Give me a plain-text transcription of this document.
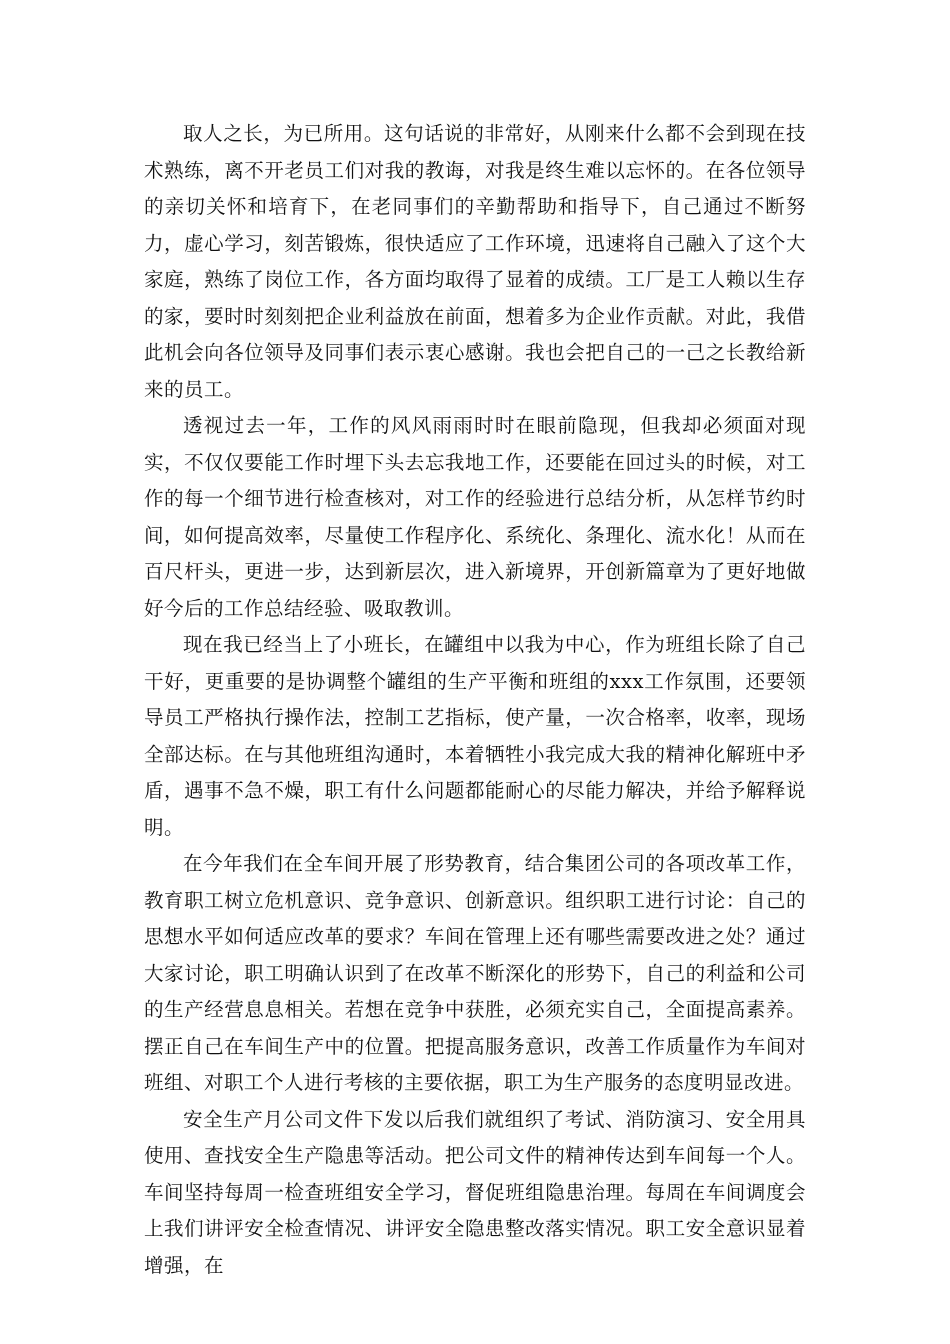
取人之长，为已所用。这句话说的非常好，从刚来什么都不会到现在技术熟练，离不开老员工们对我的教诲，对我是终生难以忘怀的。在各位领导的亲切关怀和培育下，在老同事们的辛勤帮助和指导下，自己通过不断努力，虚心学习，刻苦锻炼，很快适应了工作环境，迅速将自己融入了这个大家庭，熟练了岗位工作，各方面均取得了显着的成绩。工厂是工人赖以生存的家，要时时刻刻把企业利益放在前面，想着多为企业作贡献。对此，我借此机会向各位领导及同事们表示衷心感谢。我也会把自己的一己之长教给新来的员工。

透视过去一年，工作的风风雨雨时时在眼前隐现，但我却必须面对现实，不仅仅要能工作时埋下头去忘我地工作，还要能在回过头的时候，对工作的每一个细节进行检查核对，对工作的经验进行总结分析，从怎样节约时间，如何提高效率，尽量使工作程序化、系统化、条理化、流水化！从而在百尺杆头，更进一步，达到新层次，进入新境界，开创新篇章为了更好地做好今后的工作总结经验、吸取教训。

现在我已经当上了小班长，在罐组中以我为中心，作为班组长除了自己干好，更重要的是协调整个罐组的生产平衡和班组的xxx工作氛围，还要领导员工严格执行操作法，控制工艺指标，使产量，一次合格率，收率，现场全部达标。在与其他班组沟通时，本着牺牲小我完成大我的精神化解班中矛盾，遇事不急不燥，职工有什么问题都能耐心的尽能力解决，并给予解释说明。

在今年我们在全车间开展了形势教育，结合集团公司的各项改革工作，教育职工树立危机意识、竞争意识、创新意识。组织职工进行讨论：自己的思想水平如何适应改革的要求？车间在管理上还有哪些需要改进之处？通过大家讨论，职工明确认识到了在改革不断深化的形势下，自己的利益和公司的生产经营息息相关。若想在竞争中获胜，必须充实自己，全面提高素养。摆正自己在车间生产中的位置。把提高服务意识，改善工作质量作为车间对班组、对职工个人进行考核的主要依据，职工为生产服务的态度明显改进。

安全生产月公司文件下发以后我们就组织了考试、消防演习、安全用具使用、查找安全生产隐患等活动。把公司文件的精神传达到车间每一个人。车间坚持每周一检查班组安全学习，督促班组隐患治理。每周在车间调度会上我们讲评安全检查情况、讲评安全隐患整改落实情况。职工安全意识显着增强，在
